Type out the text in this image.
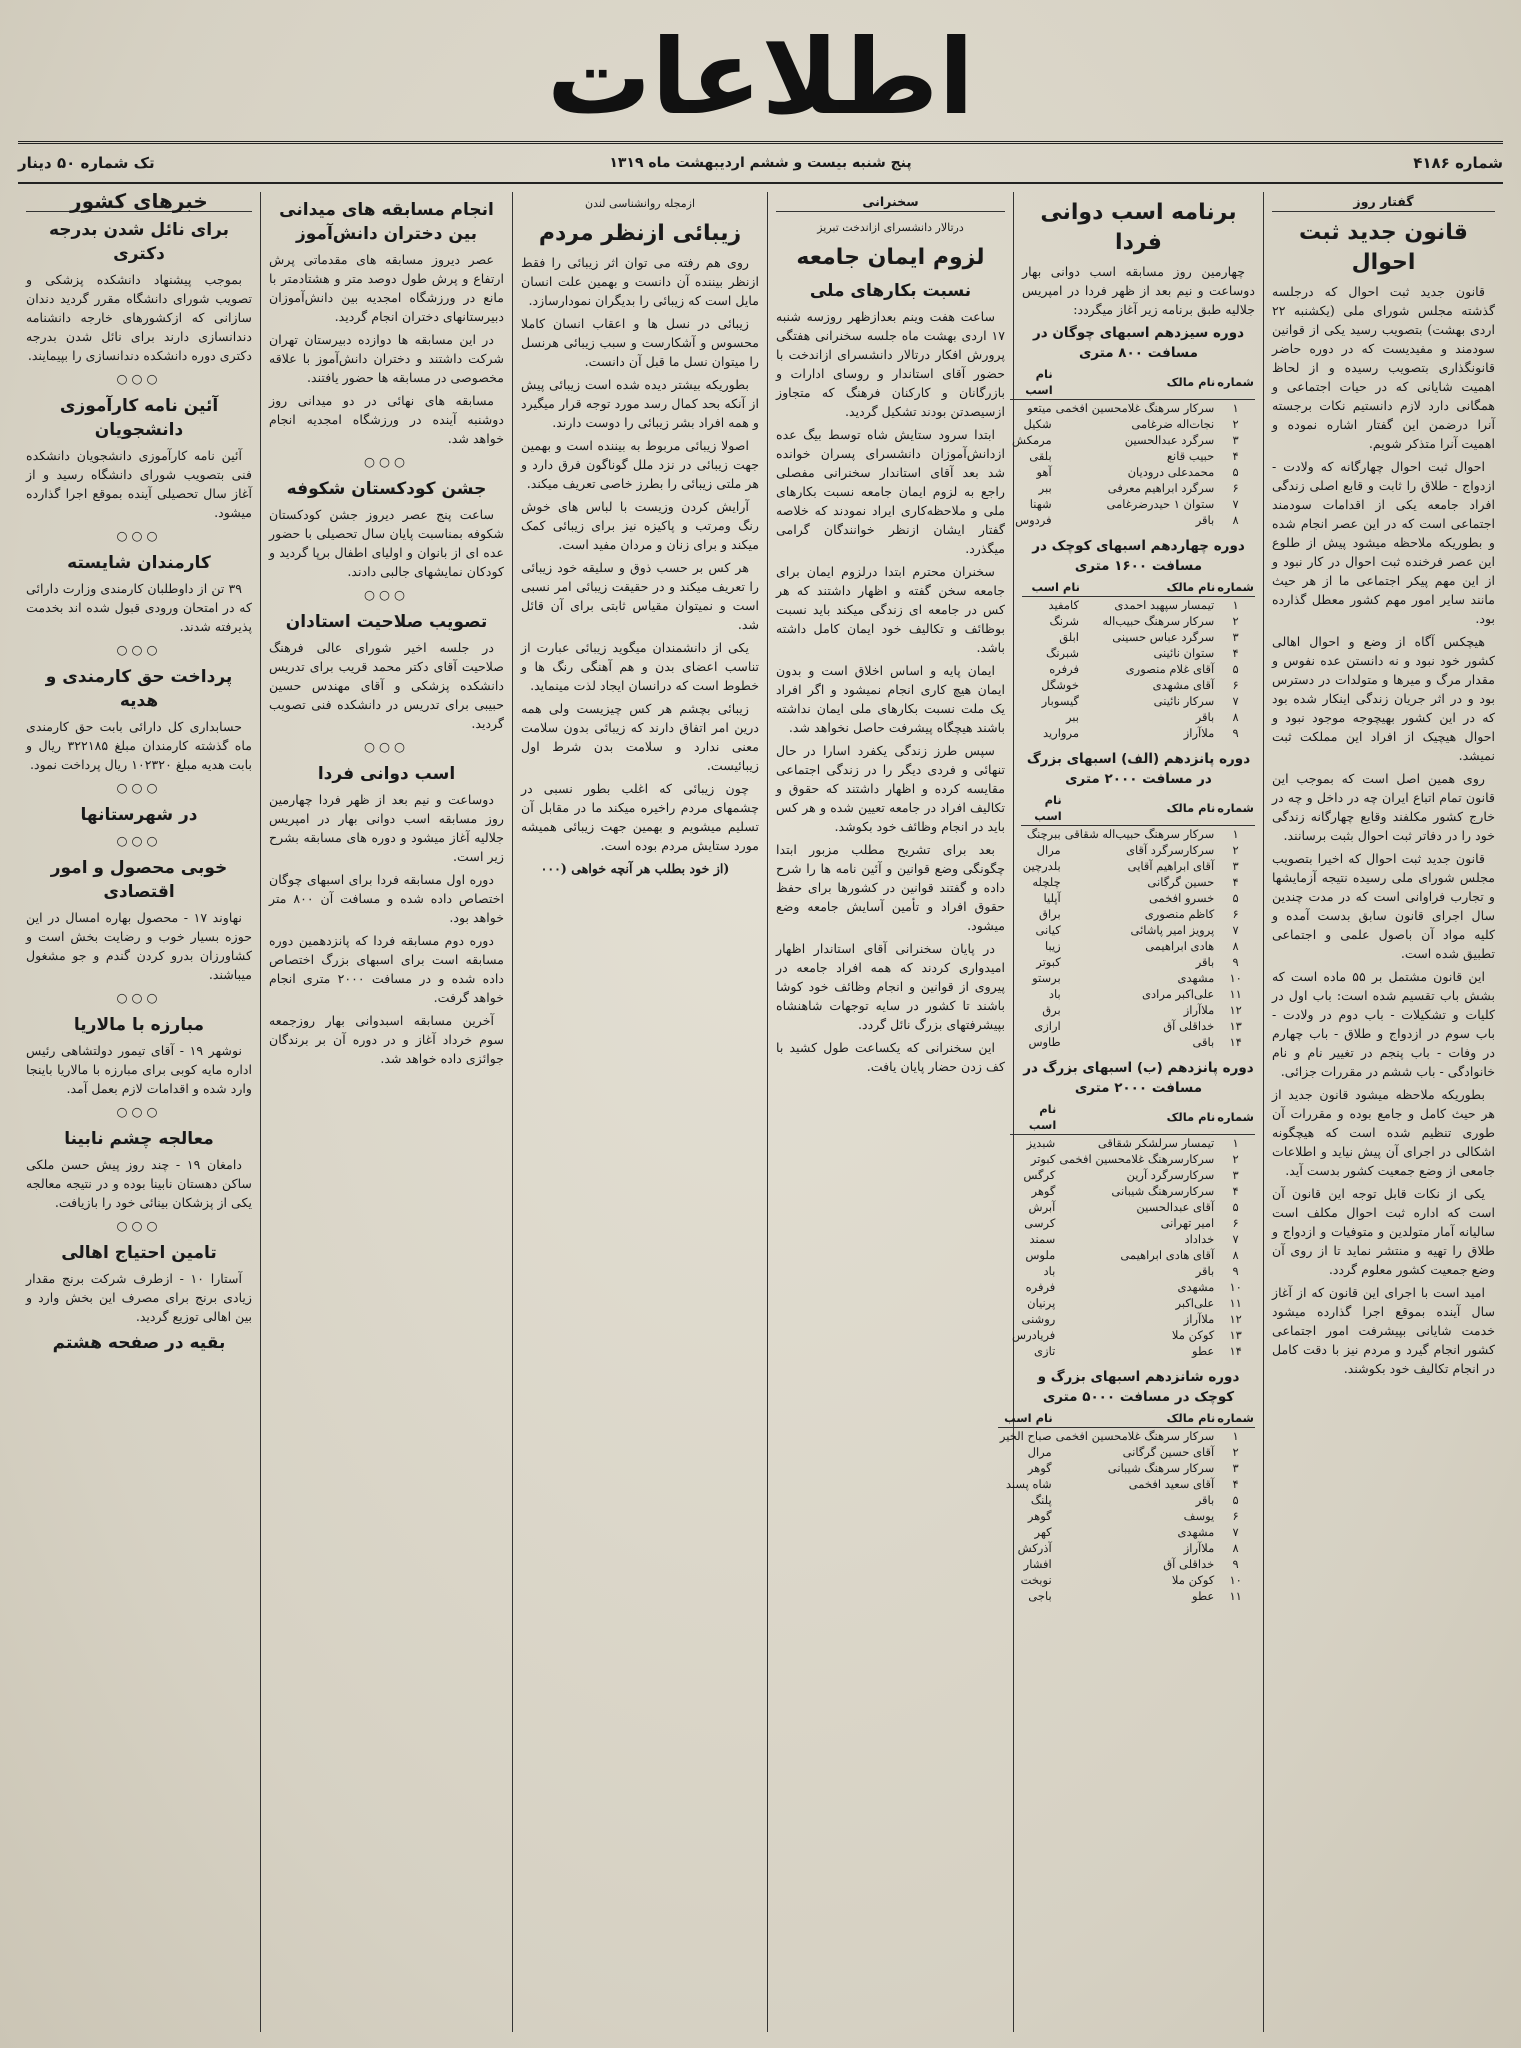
اطلاعات
شماره ۴۱۸۶
پنج شنبه بیست و ششم اردیبهشت ماه ۱۳۱۹
تک شماره ۵۰ دینار
گفتار روز
قانون جدید ثبت احوال

قانون جدید ثبت احوال که درجلسه گذشته مجلس شورای ملی (یکشنبه ۲۲ اردی بهشت) بتصویب رسید یکی از قوانین سودمند و مفیدیست که در دوره حاضر قانونگذاری بتصویب رسیده و از لحاظ اهمیت شایانی که در حیات اجتماعی و همگانی دارد لازم دانستیم نکات برجسته آنرا درضمن این گفتار اشاره نموده و اهمیت آنرا متذکر شویم.

احوال ثبت احوال چهارگانه که ولادت - ازدواج - طلاق را ثابت و قابع اصلی زندگی افراد جامعه یکی از اقدامات سودمند اجتماعی است که در این عصر انجام شده و بطوریکه ملاحظه میشود پیش از طلوع این عصر فرخنده ثبت احوال در کار نبود و از این مهم پیکر اجتماعی ما از هر حیث مانند سایر امور مهم کشور معطل گذارده بود.

هیچکس آگاه از وضع و احوال اهالی کشور خود نبود و نه دانستن عده نفوس و مقدار مرگ و میرها و متولدات در دسترس بود و در اثر جریان زندگی اینکار شده بود که در این کشور بهیچوجه موجود نبود و احوال هیچیک از افراد این مملکت ثبت نمیشد.

روی همین اصل است که بموجب این قانون تمام اتباع ایران چه در داخل و چه در خارج کشور مکلفند وقایع چهارگانه زندگی خود را در دفاتر ثبت احوال بثبت برسانند.

قانون جدید ثبت احوال که اخیرا بتصویب مجلس شورای ملی رسیده نتیجه آزمایشها و تجارب فراوانی است که در مدت چندین سال اجرای قانون سابق بدست آمده و کلیه مواد آن باصول علمی و اجتماعی تطبیق شده است.

این قانون مشتمل بر ۵۵ ماده است که بشش باب تقسیم شده است: باب اول در کلیات و تشکیلات - باب دوم در ولادت - باب سوم در ازدواج و طلاق - باب چهارم در وفات - باب پنجم در تغییر نام و نام خانوادگی - باب ششم در مقررات جزائی.

بطوریکه ملاحظه میشود قانون جدید از هر حیث کامل و جامع بوده و مقررات آن طوری تنظیم شده است که هیچگونه اشکالی در اجرای آن پیش نیاید و اطلاعات جامعی از وضع جمعیت کشور بدست آید.

یکی از نکات قابل توجه این قانون آن است که اداره ثبت احوال مکلف است سالیانه آمار متولدین و متوفیات و ازدواج و طلاق را تهیه و منتشر نماید تا از روی آن وضع جمعیت کشور معلوم گردد.

امید است با اجرای این قانون که از آغاز سال آینده بموقع اجرا گذارده میشود خدمت شایانی بپیشرفت امور اجتماعی کشور انجام گیرد و مردم نیز با دقت کامل در انجام تکالیف خود بکوشند.

برنامه اسب دوانی فردا

چهارمین روز مسابقه اسب دوانی بهار دوساعت و نیم بعد از ظهر فردا در امپریس جلالیه طبق برنامه زیر آغاز میگردد:

دوره سیزدهم اسبهای چوگان در مسافت ۸۰۰ متری
شماره	نام مالک	نام اسب
۱	سرکار سرهنگ غلامحسین افخمی	میتعو
۲	نجات‌اله ضرغامی	شکیل
۳	سرگرد عبدالحسین	مرمکش
۴	حبیب قانع	بلقی
۵	محمدعلی درودیان	آهو
۶	سرگرد ابراهیم معرفی	ببر
۷	ستوان ۱ حیدرضرغامی	شهنا
۸	باقر	فردوس
دوره چهاردهم اسبهای کوچک در مسافت ۱۶۰۰ متری
شماره	نام مالک	نام اسب
۱	تیمسار سپهبد احمدی	کامفید
۲	سرکار سرهنگ حبیب‌اله	شرنگ
۳	سرگرد عباس حسینی	ابلق
۴	ستوان نائینی	شبرنگ
۵	آقای غلام منصوری	فرفره
۶	آقای مشهدی	خوشگل
۷	سرکار نائینی	گیسوبار
۸	باقر	ببر
۹	ملاآراز	مروارید
دوره پانزدهم (الف) اسبهای بزرگ در مسافت ۲۰۰۰ متری
شماره	نام مالک	نام اسب
۱	سرکار سرهنگ حبیب‌اله شقاقی	ببرچنگ
۲	سرکارسرگرد آقای	مرال
۳	آقای ابراهیم آقایی	بلدرچین
۴	حسین گرگانی	چلچله
۵	خسرو افخمی	آپلیا
۶	کاظم منصوری	براق
۷	پرویز امیر پاشائی	کیانی
۸	هادی ابراهیمی	زیبا
۹	باقر	کبوتر
۱۰	مشهدی	برستو
۱۱	علی‌اکبر مرادی	باد
۱۲	ملاآراز	برق
۱۳	خداقلی آق	ارازی
۱۴	باقی	طاوس
دوره پانزدهم (ب) اسبهای بزرگ در مسافت ۲۰۰۰ متری
شماره	نام مالک	نام اسب
۱	تیمسار سرلشکر شقاقی	شبدیز
۲	سرکارسرهنگ غلامحسین افخمی	کبوتر
۳	سرکارسرگرد آرین	کرگس
۴	سرکارسرهنگ شیبانی	گوهر
۵	آقای عبدالحسین	آبرش
۶	امیر تهرانی	کرسی
۷	خداداد	سمند
۸	آقای هادی ابراهیمی	ملوس
۹	باقر	باد
۱۰	مشهدی	فرفره
۱۱	علی‌اکبر	پرنیان
۱۲	ملاآراز	روشنی
۱۳	کوکن ملا	فریادرس
۱۴	عطو	تازی
دوره شانزدهم اسبهای بزرگ و کوچک در مسافت ۵۰۰۰ متری
شماره	نام مالک	نام اسب
۱	سرکار سرهنگ غلامحسین افخمی	صباح الخیر
۲	آقای حسین گرگانی	مرال
۳	سرکار سرهنگ شیبانی	گوهر
۴	آقای سعید افخمی	شاه پسند
۵	باقر	پلنگ
۶	یوسف	گوهر
۷	مشهدی	کهر
۸	ملاآراز	آذرکش
۹	خداقلی آق	افشار
۱۰	کوکن ملا	نوبخت
۱۱	عطو	باجی
سخنرانی
درتالار دانشسرای ازاندخت تبریز
لزوم ایمان جامعه
نسبت بکارهای ملی

ساعت هفت وینم بعدازظهر روزسه شنبه ۱۷ اردی بهشت ماه جلسه سخنرانی هفتگی پرورش افکار درتالار دانشسرای ازاندخت با حضور آقای استاندار و روسای ادارات و بازرگانان و کارکنان فرهنگ که متجاوز ازسیصدتن بودند تشکیل گردید.

ابتدا سرود ستایش شاه توسط بیگ عده ازدانش‌آموزان دانشسرای پسران خوانده شد بعد آقای استاندار سخنرانی مفصلی راجع به لزوم ایمان جامعه نسبت بکارهای ملی و ملاحظه‌کاری ایراد نمودند که خلاصه گفتار ایشان ازنظر خوانندگان گرامی میگذرد.

سخنران محترم ابتدا درلزوم ایمان برای جامعه سخن گفته و اظهار داشتند که هر کس در جامعه ای زندگی میکند باید نسبت بوظائف و تکالیف خود ایمان کامل داشته باشد.

ایمان پایه و اساس اخلاق است و بدون ایمان هیچ کاری انجام نمیشود و اگر افراد یک ملت نسبت بکارهای ملی ایمان نداشته باشند هیچگاه پیشرفت حاصل نخواهد شد.

سپس طرز زندگی یکفرد اسارا در حال تنهائی و فردی دیگر را در زندگی اجتماعی مقایسه کرده و اظهار داشتند که حقوق و تکالیف افراد در جامعه تعیین شده و هر کس باید در انجام وظائف خود بکوشد.

بعد برای تشریح مطلب مزبور ابتدا چگونگی وضع قوانین و آئین نامه ها را شرح داده و گفتند قوانین در کشورها برای حفظ حقوق افراد و تأمین آسایش جامعه وضع میشود.

در پایان سخنرانی آقای استاندار اظهار امیدواری کردند که همه افراد جامعه در پیروی از قوانین و انجام وظائف خود کوشا باشند تا کشور در سایه توجهات شاهنشاه بپیشرفتهای بزرگ نائل گردد.

این سخنرانی که یکساعت طول کشید با کف زدن حضار پایان یافت.

ازمجله روانشناسی لندن
زیبائی ازنظر مردم

روی هم رفته می توان اثر زیبائی را فقط ازنظر بیننده آن دانست و بهمین علت انسان مایل است که زیبائی را بدیگران نمودارسازد.

زیبائی در نسل ها و اعقاب انسان کاملا محسوس و آشکارست و سبب زیبائی هرنسل را میتوان نسل ما قبل آن دانست.

بطوریکه بیشتر دیده شده است زیبائی پیش از آنکه بحد کمال رسد مورد توجه قرار میگیرد و همه افراد بشر زیبائی را دوست دارند.

اصولا زیبائی مربوط به بیننده است و بهمین جهت زیبائی در نزد ملل گوناگون فرق دارد و هر ملتی زیبائی را بطرز خاصی تعریف میکند.

آرایش کردن وزیست با لباس های خوش رنگ ومرتب و پاکیزه نیز برای زیبائی کمک میکند و برای زنان و مردان مفید است.

هر کس بر حسب ذوق و سلیقه خود زیبائی را تعریف میکند و در حقیقت زیبائی امر نسبی است و نمیتوان مقیاس ثابتی برای آن قائل شد.

یکی از دانشمندان میگوید زیبائی عبارت از تناسب اعضای بدن و هم آهنگی رنگ ها و خطوط است که درانسان ایجاد لذت مینماید.

زیبائی بچشم هر کس چیزیست ولی همه درین امر اتفاق دارند که زیبائی بدون سلامت معنی ندارد و سلامت بدن شرط اول زیبائیست.

چون زیبائی که اغلب بطور نسبی در چشمهای مردم راخیره میکند ما در مقابل آن تسلیم میشویم و بهمین جهت زیبائی همیشه مورد ستایش مردم بوده است.

(از خود بطلب هر آنچه خواهی (۰۰۰

انجام مسابقه های میدانی بین دختران دانش‌آموز

عصر دیروز مسابقه های مقدماتی پرش ارتفاع و پرش طول دوصد متر و هشتادمتر با مانع در ورزشگاه امجدیه بین دانش‌آموزان دبیرستانهای دختران انجام گردید.

در این مسابقه ها دوازده دبیرستان تهران شرکت داشتند و دختران دانش‌آموز با علاقه مخصوصی در مسابقه ها حضور یافتند.

مسابقه های نهائی در دو میدانی روز دوشنبه آینده در ورزشگاه امجدیه انجام خواهد شد.

○○○
جشن کودکستان شکوفه

ساعت پنج عصر دیروز جشن کودکستان شکوفه بمناسبت پایان سال تحصیلی با حضور عده ای از بانوان و اولیای اطفال برپا گردید و کودکان نمایشهای جالبی دادند.

○○○
تصویب صلاحیت استادان

در جلسه اخیر شورای عالی فرهنگ صلاحیت آقای دکتر محمد قریب برای تدریس دانشکده پزشکی و آقای مهندس حسین حبیبی برای تدریس در دانشکده فنی تصویب گردید.

○○○
اسب دوانی فردا

دوساعت و نیم بعد از ظهر فردا چهارمین روز مسابقه اسب دوانی بهار در امپریس جلالیه آغاز میشود و دوره های مسابقه بشرح زیر است.

دوره اول مسابقه فردا برای اسبهای چوگان اختصاص داده شده و مسافت آن ۸۰۰ متر خواهد بود.

دوره دوم مسابقه فردا که پانزدهمین دوره مسابقه است برای اسبهای بزرگ اختصاص داده شده و در مسافت ۲۰۰۰ متری انجام خواهد گرفت.

آخرین مسابقه اسبدوانی بهار روزجمعه سوم خرداد آغاز و در دوره آن بر برندگان جوائزی داده خواهد شد.

خبرهای کشور
برای نائل شدن بدرجه دکتری

بموجب پیشنهاد دانشکده پزشکی و تصویب شورای دانشگاه مقرر گردید دندان سازانی که ازکشورهای خارجه دانشنامه دندانسازی دارند برای نائل شدن بدرجه دکتری دوره دانشکده دندانسازی را بپیمایند.

○○○
آئین نامه کارآموزی دانشجویان

آئین نامه کارآموزی دانشجویان دانشکده فنی بتصویب شورای دانشگاه رسید و از آغاز سال تحصیلی آینده بموقع اجرا گذارده میشود.

○○○
کارمندان شایسته

۳۹ تن از داوطلبان کارمندی وزارت دارائی که در امتحان ورودی قبول شده اند بخدمت پذیرفته شدند.

○○○
پرداخت حق کارمندی و هدیه

حسابداری کل دارائی بابت حق کارمندی ماه گذشته کارمندان مبلغ ۳۲۲۱۸۵ ریال و بابت هدیه مبلغ ۱۰۲۳۲۰ ریال پرداخت نمود.

○○○
در شهرستانها
○○○
خوبی محصول و امور اقتصادی

نهاوند ۱۷ - محصول بهاره امسال در این حوزه بسیار خوب و رضایت بخش است و کشاورزان بدرو کردن گندم و جو مشغول میباشند.

○○○
مبارزه با مالاریا

نوشهر ۱۹ - آقای تیمور دولتشاهی رئیس اداره مایه کوبی برای مبارزه با مالاریا باینجا وارد شده و اقدامات لازم بعمل آمد.

○○○
معالجه چشم نابینا

دامغان ۱۹ - چند روز پیش حسن ملکی ساکن دهستان نابینا بوده و در نتیجه معالجه یکی از پزشکان بینائی خود را بازیافت.

○○○
تامین احتیاج اهالی

آستارا ۱۰ - ازطرف شرکت برنج مقدار زیادی برنج برای مصرف این بخش وارد و بین اهالی توزیع گردید.

بقیه در صفحه هشتم
